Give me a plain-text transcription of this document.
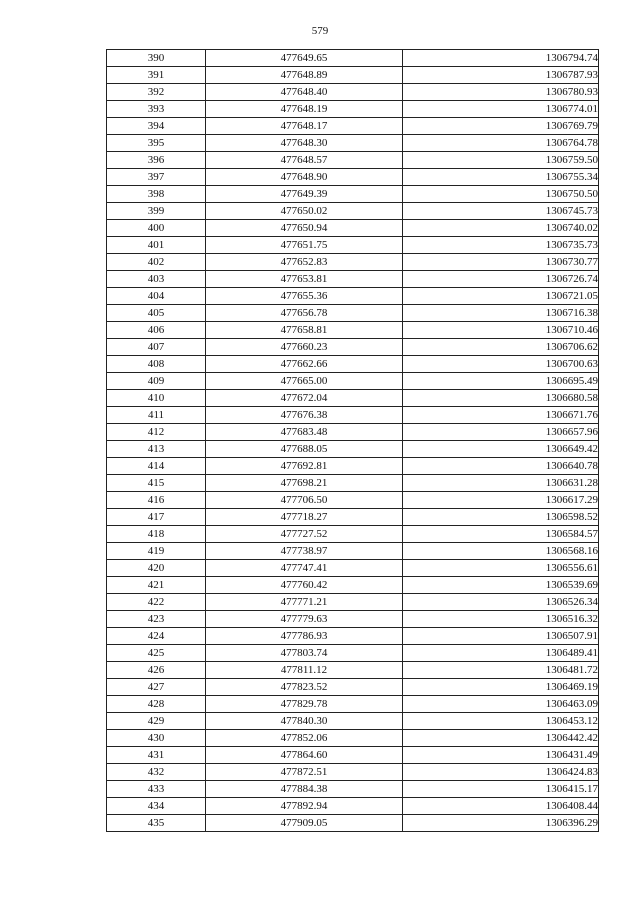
579
390	477649.65	1306794.74
391	477648.89	1306787.93
392	477648.40	1306780.93
393	477648.19	1306774.01
394	477648.17	1306769.79
395	477648.30	1306764.78
396	477648.57	1306759.50
397	477648.90	1306755.34
398	477649.39	1306750.50
399	477650.02	1306745.73
400	477650.94	1306740.02
401	477651.75	1306735.73
402	477652.83	1306730.77
403	477653.81	1306726.74
404	477655.36	1306721.05
405	477656.78	1306716.38
406	477658.81	1306710.46
407	477660.23	1306706.62
408	477662.66	1306700.63
409	477665.00	1306695.49
410	477672.04	1306680.58
411	477676.38	1306671.76
412	477683.48	1306657.96
413	477688.05	1306649.42
414	477692.81	1306640.78
415	477698.21	1306631.28
416	477706.50	1306617.29
417	477718.27	1306598.52
418	477727.52	1306584.57
419	477738.97	1306568.16
420	477747.41	1306556.61
421	477760.42	1306539.69
422	477771.21	1306526.34
423	477779.63	1306516.32
424	477786.93	1306507.91
425	477803.74	1306489.41
426	477811.12	1306481.72
427	477823.52	1306469.19
428	477829.78	1306463.09
429	477840.30	1306453.12
430	477852.06	1306442.42
431	477864.60	1306431.49
432	477872.51	1306424.83
433	477884.38	1306415.17
434	477892.94	1306408.44
435	477909.05	1306396.29
